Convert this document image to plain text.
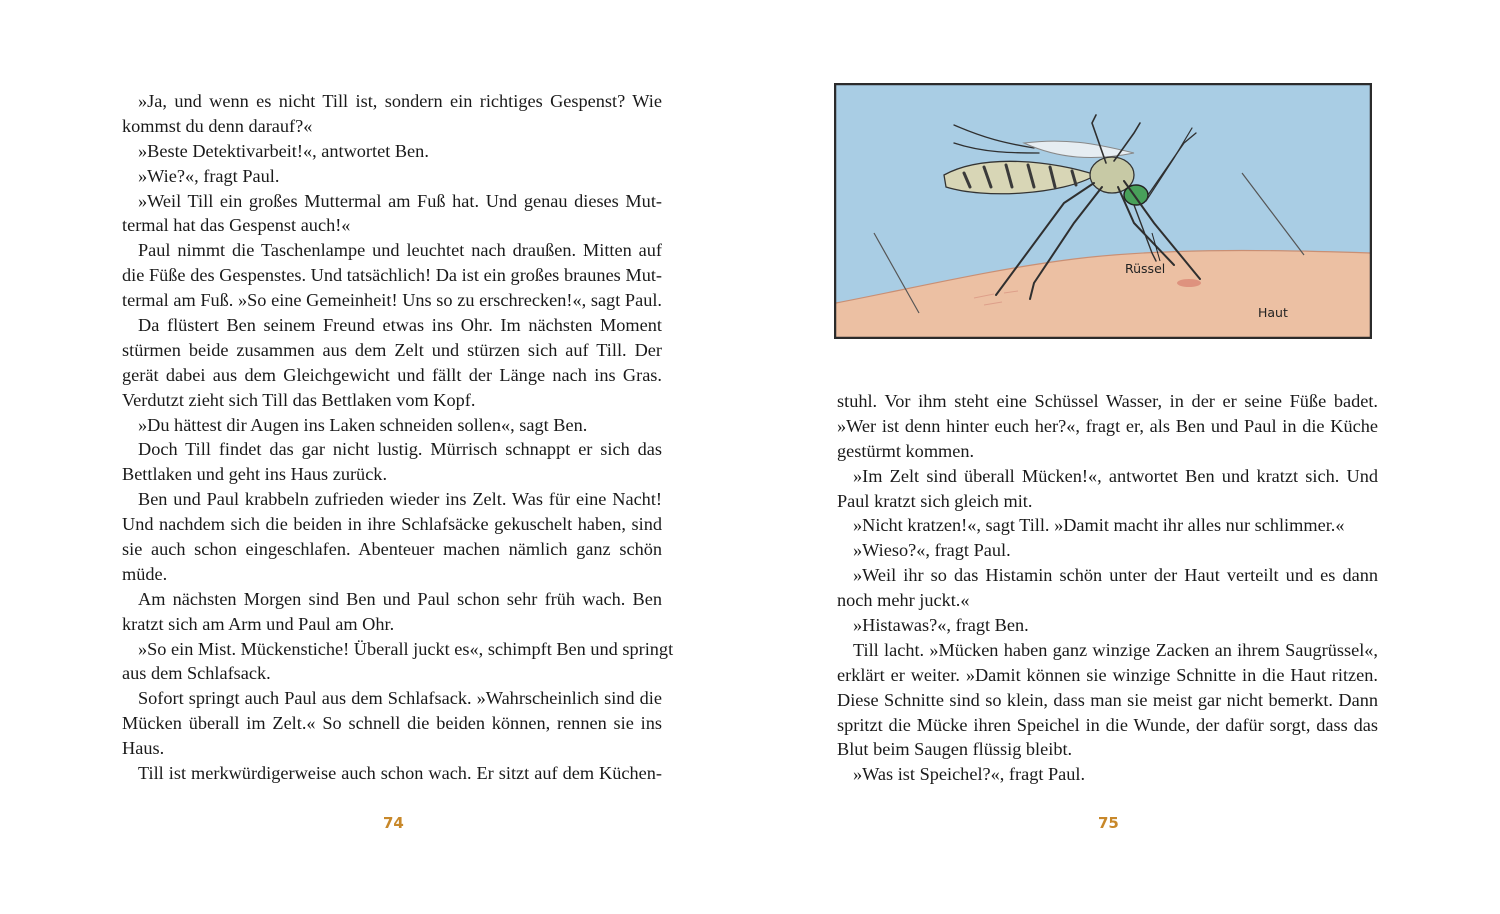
»Ja, und wenn es nicht Till ist, sondern ein richtiges Gespenst? Wie
kommst du denn darauf?«
»Beste Detektivarbeit!«, antwortet Ben.
»Wie?«, fragt Paul.
»Weil Till ein großes Muttermal am Fuß hat. Und genau dieses Mut-
termal hat das Gespenst auch!«
Paul nimmt die Taschenlampe und leuchtet nach draußen. Mitten auf
die Füße des Gespenstes. Und tatsächlich! Da ist ein großes braunes Mut-
termal am Fuß. »So eine Gemeinheit! Uns so zu erschrecken!«, sagt Paul.
Da flüstert Ben seinem Freund etwas ins Ohr. Im nächsten Moment
stürmen beide zusammen aus dem Zelt und stürzen sich auf Till. Der
gerät dabei aus dem Gleichgewicht und fällt der Länge nach ins Gras.
Verdutzt zieht sich Till das Bettlaken vom Kopf.
»Du hättest dir Augen ins Laken schneiden sollen«, sagt Ben.
Doch Till findet das gar nicht lustig. Mürrisch schnappt er sich das
Bettlaken und geht ins Haus zurück.
Ben und Paul krabbeln zufrieden wieder ins Zelt. Was für eine Nacht!
Und nachdem sich die beiden in ihre Schlafsäcke gekuschelt haben, sind
sie auch schon eingeschlafen. Abenteuer machen nämlich ganz schön
müde.
Am nächsten Morgen sind Ben und Paul schon sehr früh wach. Ben
kratzt sich am Arm und Paul am Ohr.
»So ein Mist. Mückenstiche! Überall juckt es«, schimpft Ben und springt
aus dem Schlafsack.
Sofort springt auch Paul aus dem Schlafsack. »Wahrscheinlich sind die
Mücken überall im Zelt.« So schnell die beiden können, rennen sie ins
Haus.
Till ist merkwürdigerweise auch schon wach. Er sitzt auf dem Küchen-
74
Rüssel
Haut
stuhl. Vor ihm steht eine Schüssel Wasser, in der er seine Füße badet.
»Wer ist denn hinter euch her?«, fragt er, als Ben und Paul in die Küche
gestürmt kommen.
»Im Zelt sind überall Mücken!«, antwortet Ben und kratzt sich. Und
Paul kratzt sich gleich mit.
»Nicht kratzen!«, sagt Till. »Damit macht ihr alles nur schlimmer.«
»Wieso?«, fragt Paul.
»Weil ihr so das Histamin schön unter der Haut verteilt und es dann
noch mehr juckt.«
»Histawas?«, fragt Ben.
Till lacht. »Mücken haben ganz winzige Zacken an ihrem Saugrüssel«,
erklärt er weiter. »Damit können sie winzige Schnitte in die Haut ritzen.
Diese Schnitte sind so klein, dass man sie meist gar nicht bemerkt. Dann
spritzt die Mücke ihren Speichel in die Wunde, der dafür sorgt, dass das
Blut beim Saugen flüssig bleibt.
»Was ist Speichel?«, fragt Paul.
75
